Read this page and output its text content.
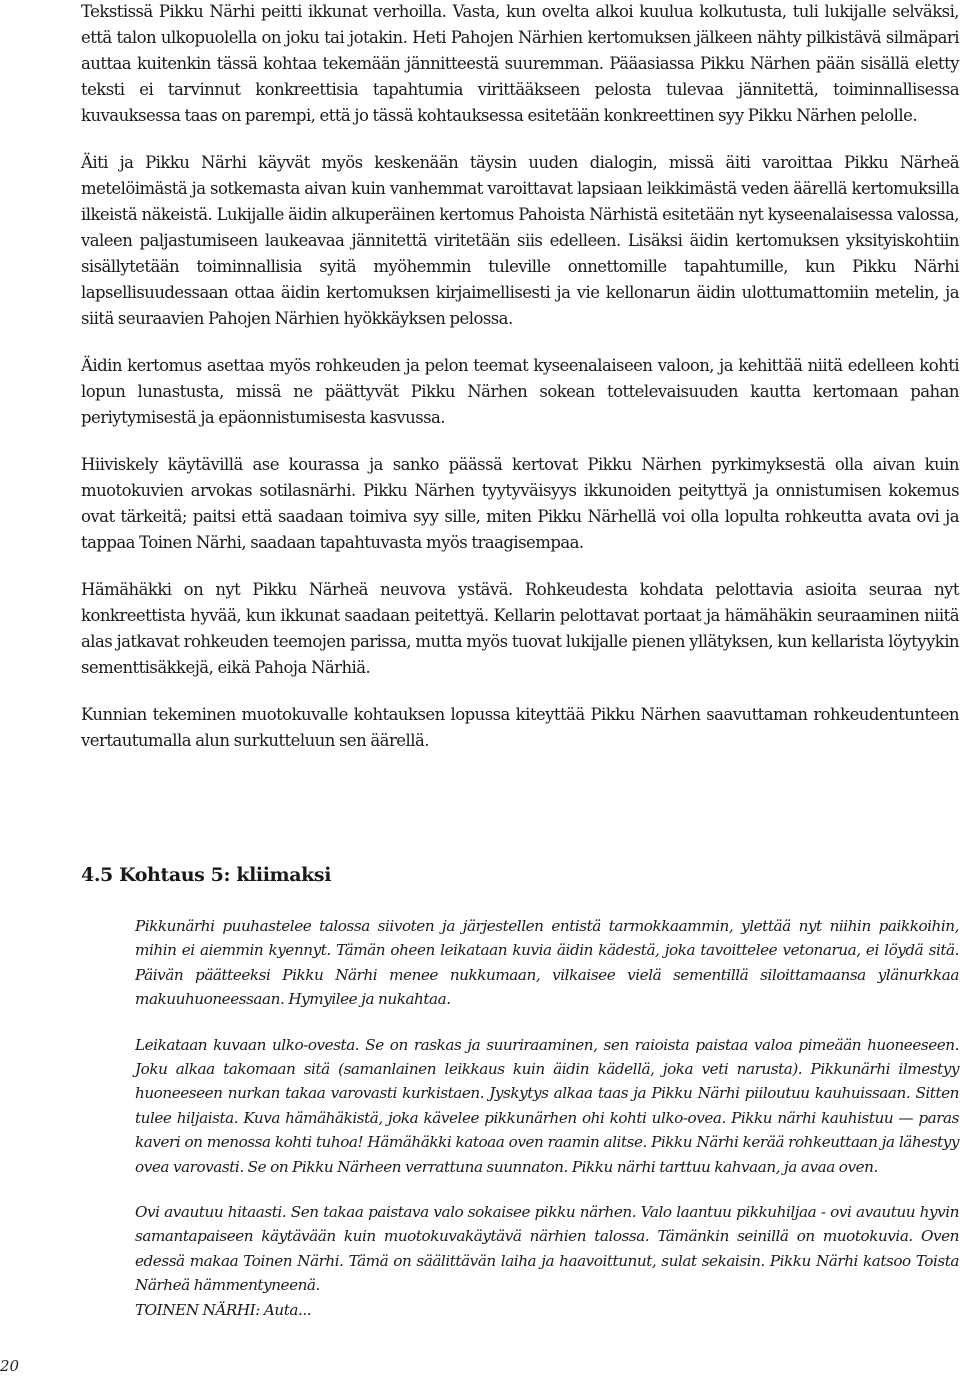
Tekstissä Pikku Närhi peitti ikkunat verhoilla. Vasta, kun ovelta alkoi kuulua kolkutusta, tuli lukijalle selväksi, että talon ulkopuolella on joku tai jotakin. Heti Pahojen Närhien kertomuksen jälkeen nähty pilkistävä silmäpari auttaa kuitenkin tässä kohtaa tekemään jännitteestä suuremman. Pääasiassa Pikku Närhen pään sisällä eletty teksti ei tarvinnut konkreettisia tapahtumia virittääkseen pelosta tulevaa jännitettä, toiminnallisessa kuvauksessa taas on parempi, että jo tässä kohtauksessa esitetään konkreettinen syy Pikku Närhen pelolle.

Äiti ja Pikku Närhi käyvät myös keskenään täysin uuden dialogin, missä äiti varoittaa Pikku Närheä metelöimästä ja sotkemasta aivan kuin vanhemmat varoittavat lapsiaan leikkimästä veden äärellä kertomuksilla ilkeistä näkeistä. Lukijalle äidin alkuperäinen kertomus Pahoista Närhistä esitetään nyt kyseenalaisessa valossa, valeen paljastumiseen laukeavaa jännitettä viritetään siis edelleen. Lisäksi äidin kertomuksen yksityiskohtiin sisällytetään toiminnallisia syitä myöhemmin tuleville onnettomille tapahtumille, kun Pikku Närhi lapsellisuudessaan ottaa äidin kertomuksen kirjaimellisesti ja vie kellonarun äidin ulottumattomiin metelin, ja siitä seuraavien Pahojen Närhien hyökkäyksen pelossa.

Äidin kertomus asettaa myös rohkeuden ja pelon teemat kyseenalaiseen valoon, ja kehittää niitä edelleen kohti lopun lunastusta, missä ne päättyvät Pikku Närhen sokean tottelevaisuuden kautta kertomaan pahan periytymisestä ja epäonnistumisesta kasvussa.

Hiiviskely käytävillä ase kourassa ja sanko päässä kertovat Pikku Närhen pyrkimyksestä olla aivan kuin muotokuvien arvokas sotilasnärhi. Pikku Närhen tyytyväisyys ikkunoiden peityttyä ja onnistumisen kokemus ovat tärkeitä; paitsi että saadaan toimiva syy sille, miten Pikku Närhellä voi olla lopulta rohkeutta avata ovi ja tappaa Toinen Närhi, saadaan tapahtuvasta myös traagisempaa.

Hämähäkki on nyt Pikku Närheä neuvova ystävä. Rohkeudesta kohdata pelottavia asioita seuraa nyt konkreettista hyvää, kun ikkunat saadaan peitettyä. Kellarin pelottavat portaat ja hämähäkin seuraaminen niitä alas jatkavat rohkeuden teemojen parissa, mutta myös tuovat lukijalle pienen yllätyksen, kun kellarista löytyykin sementtisäkkejä, eikä Pahoja Närhiä.

Kunnian tekeminen muotokuvalle kohtauksen lopussa kiteyttää Pikku Närhen saavuttaman rohkeudentunteen vertautumalla alun surkutteluun sen äärellä.

4.5 Kohtaus 5: kliimaksi

Pikkunärhi puuhastelee talossa siivoten ja järjestellen entistä tarmokkaammin, ylettää nyt niihin paikkoihin, mihin ei aiemmin kyennyt. Tämän oheen leikataan kuvia äidin kädestä, joka tavoittelee vetonarua, ei löydä sitä. Päivän päätteeksi Pikku Närhi menee nukkumaan, vilkaisee vielä sementillä siloittamaansa ylänurkkaa makuuhuoneessaan. Hymyilee ja nukahtaa.

Leikataan kuvaan ulko-ovesta. Se on raskas ja suuriraaminen, sen raioista paistaa valoa pimeään huoneeseen. Joku alkaa takomaan sitä (samanlainen leikkaus kuin äidin kädellä, joka veti narusta). Pikkunärhi ilmestyy huoneeseen nurkan takaa varovasti kurkistaen. Jyskytys alkaa taas ja Pikku Närhi piiloutuu kauhuissaan. Sitten tulee hiljaista. Kuva hämähäkistä, joka kävelee pikkunärhen ohi kohti ulko-ovea. Pikku närhi kauhistuu — paras kaveri on menossa kohti tuhoa! Hämähäkki katoaa oven raamin alitse. Pikku Närhi kerää rohkeuttaan ja lähestyy ovea varovasti. Se on Pikku Närheen verrattuna suunnaton. Pikku närhi tarttuu kahvaan, ja avaa oven.

Ovi avautuu hitaasti. Sen takaa paistava valo sokaisee pikku närhen. Valo laantuu pikkuhiljaa - ovi avautuu hyvin samantapaiseen käytävään kuin muotokuvakäytävä närhien talossa. Tämänkin seinillä on muotokuvia. Oven edessä makaa Toinen Närhi. Tämä on säälittävän laiha ja haavoittunut, sulat sekaisin. Pikku Närhi katsoo Toista Närheä hämmentyneenä.

TOINEN NÄRHI: Auta...

20
